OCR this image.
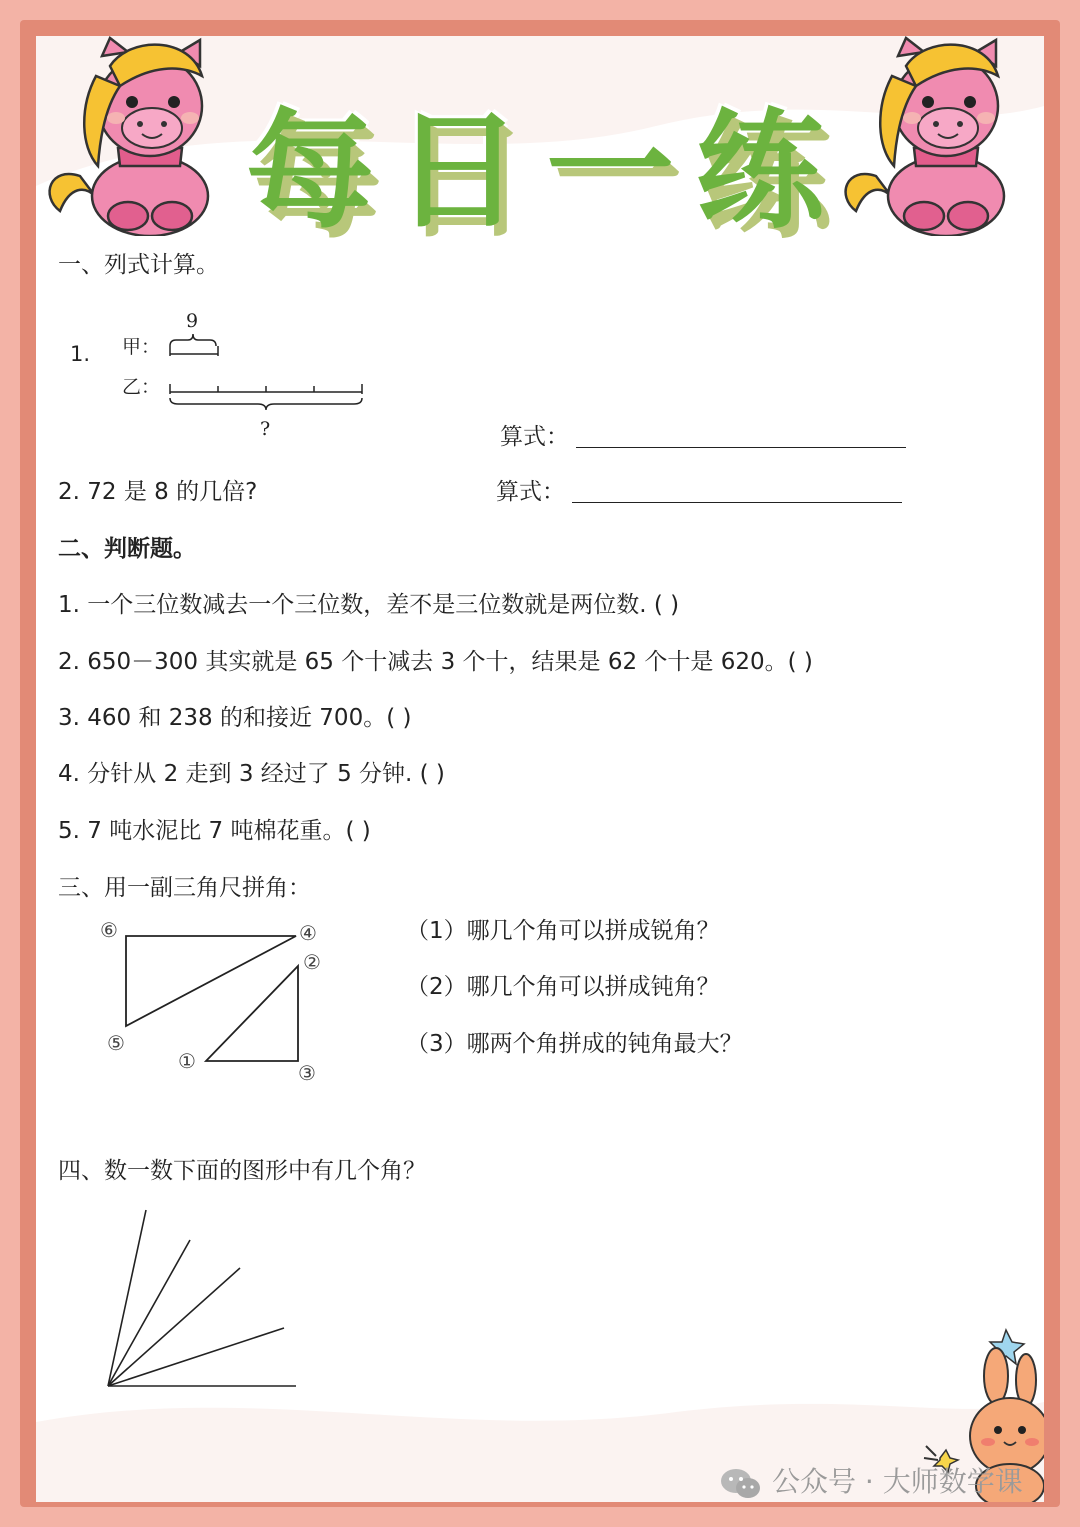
每 日 一 练
一、列式计算。
1. 甲：
乙：
9
?	算式：
2. 72 是 8 的几倍?	算式：
二、判断题。
1. 一个三位数减去一个三位数，差不是三位数就是两位数. ( )
2. 650－300 其实就是 65 个十减去 3 个十，结果是 62 个十是 620。( )
3. 460 和 238 的和接近 700。( )
4. 分针从 2 走到 3 经过了 5 分钟. ( )
5. 7 吨水泥比 7 吨棉花重。( )
三、用一副三角尺拼角：
⑥	④
②
⑤
①	③
（1）哪几个角可以拼成锐角？
（2）哪几个角可以拼成钝角？
（3）哪两个角拼成的钝角最大？
四、数一数下面的图形中有几个角？
公众号 · 大师数学课
